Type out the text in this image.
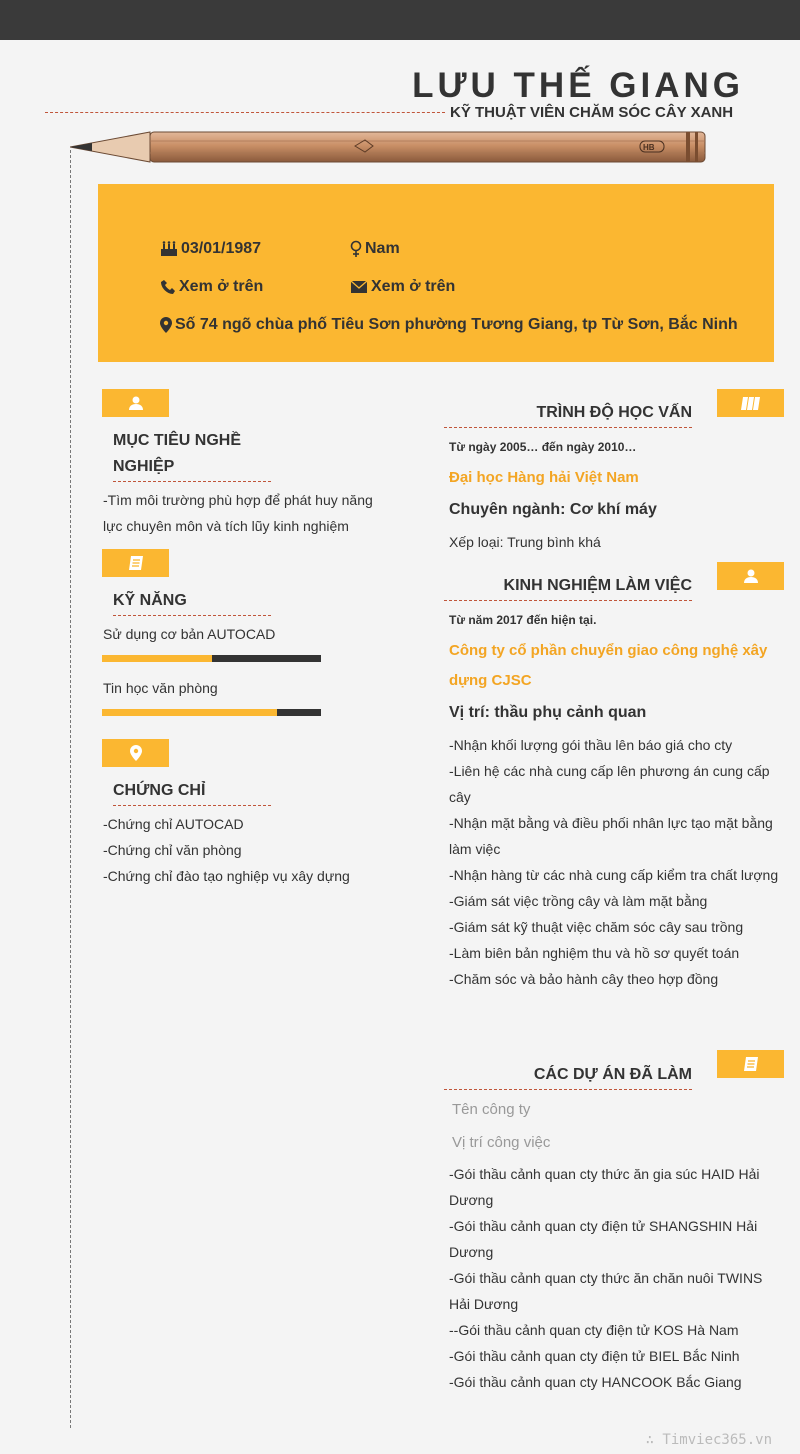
LƯU THẾ GIANG
KỸ THUẬT VIÊN CHĂM SÓC CÂY XANH
HB
03/01/1987	Nam
Xem ở trên	Xem ở trên
Số 74 ngõ chùa phố Tiêu Sơn phường Tương Giang, tp Từ Sơn, Bắc Ninh
MỤC TIÊU NGHỀ
NGHIỆP
-Tìm môi trường phù hợp để phát huy năng
lực chuyên môn và tích lũy kinh nghiệm
KỸ NĂNG
Sử dụng cơ bản AUTOCAD
Tin học văn phòng
CHỨNG CHỈ
-Chứng chỉ AUTOCAD
-Chứng chỉ văn phòng
-Chứng chỉ đào tạo nghiệp vụ xây dựng
TRÌNH ĐỘ HỌC VẤN
Từ ngày 2005… đến ngày 2010…
Đại học Hàng hải Việt Nam
Chuyên ngành: Cơ khí máy
Xếp loại: Trung bình khá
KINH NGHIỆM LÀM VIỆC
Từ năm 2017 đến hiện tại.
Công ty cổ phần chuyển giao công nghệ xây
dựng CJSC
Vị trí: thầu phụ cảnh quan
-Nhận khối lượng gói thầu lên báo giá cho cty
-Liên hệ các nhà cung cấp lên phương án cung cấp
cây
-Nhận mặt bằng và điều phối nhân lực tạo mặt bằng
làm việc
-Nhận hàng từ các nhà cung cấp kiểm tra chất lượng
-Giám sát việc trồng cây và làm mặt bằng
-Giám sát kỹ thuật việc chăm sóc cây sau trồng
-Làm biên bản nghiệm thu và hồ sơ quyết toán
-Chăm sóc và bảo hành cây theo hợp đồng
CÁC DỰ ÁN ĐÃ LÀM
Tên công ty
Vị trí công việc
-Gói thầu cảnh quan cty thức ăn gia súc HAID Hải
Dương
-Gói thầu cảnh quan cty điện tử SHANGSHIN Hải
Dương
-Gói thầu cảnh quan cty thức ăn chăn nuôi TWINS
Hải Dương
--Gói thầu cảnh quan cty điện tử KOS Hà Nam
-Gói thầu cảnh quan cty điện tử BIEL Bắc Ninh
-Gói thầu cảnh quan cty HANCOOK Bắc Giang
∴ Timviec365.vn
